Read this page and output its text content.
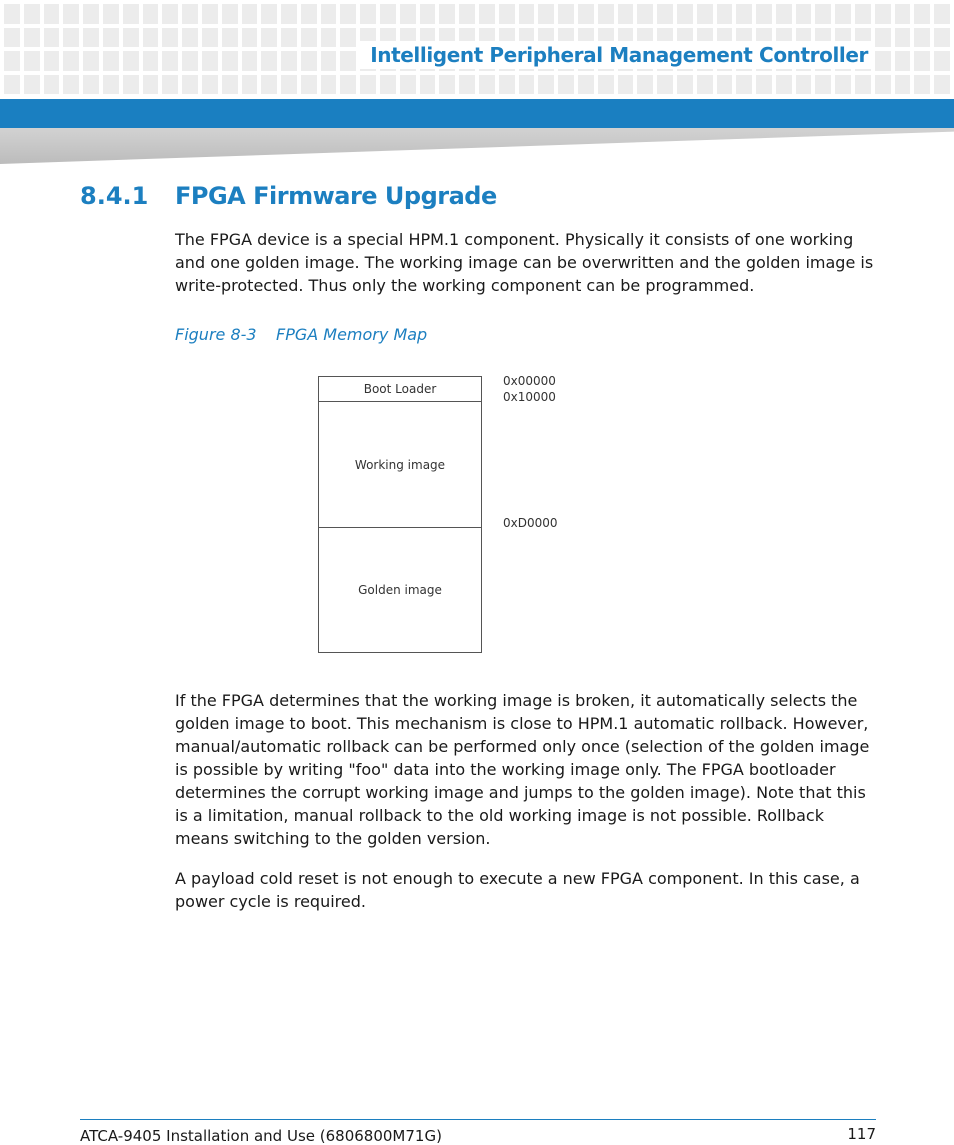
Intelligent Peripheral Management Controller
8.4.1 FPGA Firmware Upgrade

The FPGA device is a special HPM.1 component. Physically it consists of one working and one golden image. The working image can be overwritten and the golden image is write-protected. Thus only the working component can be programmed.

Figure 8-3 FPGA Memory Map
Boot Loader
Working image
Golden image
0x00000
0x10000
0xD0000

If the FPGA determines that the working image is broken, it automatically selects the golden image to boot. This mechanism is close to HPM.1 automatic rollback. However, manual/automatic rollback can be performed only once (selection of the golden image is possible by writing "foo" data into the working image only. The FPGA bootloader determines the corrupt working image and jumps to the golden image). Note that this is a limitation, manual rollback to the old working image is not possible. Rollback means switching to the golden version.

A payload cold reset is not enough to execute a new FPGA component. In this case, a power cycle is required.

ATCA-9405 Installation and Use (6806800M71G)	117
